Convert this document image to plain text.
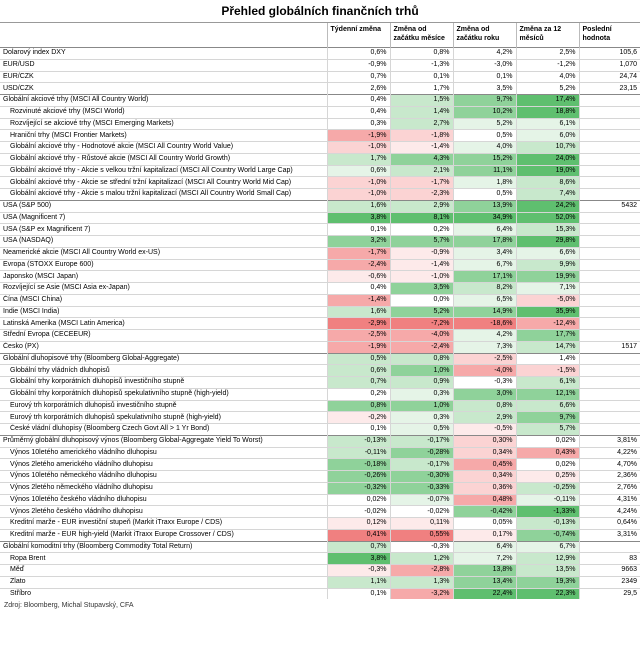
Přehled globálních finančních trhů
	Týdenní změna	Změna od začátku měsíce	Změna od začátku roku	Změna za 12 měsíců	Poslední hodnota
Dolarový index DXY	0,6%	0,8%	4,2%	2,5%	105,6
EUR/USD	-0,9%	-1,3%	-3,0%	-1,2%	1,070
EUR/CZK	0,7%	0,1%	0,1%	4,0%	24,74
USD/CZK	2,6%	1,7%	3,5%	5,2%	23,15
Globální akciové trhy (MSCI All Country World)	0,4%	1,5%	9,7%	17,4%	
Rozvinuté akciové trhy (MSCI World)	0,4%	1,4%	10,2%	18,8%	
Rozvíjející se akciové trhy (MSCI Emerging Markets)	0,3%	2,7%	5,2%	6,1%	
Hraniční trhy (MSCI Frontier Markets)	-1,9%	-1,8%	0,5%	6,0%	
Globální akciové trhy - Hodnotové akcie (MSCI All Country World Value)	-1,0%	-1,4%	4,0%	10,7%	
Globální akciové trhy - Růstové akcie (MSCI All Country World Growth)	1,7%	4,3%	15,2%	24,0%	
Globální akciové trhy - Akcie s velkou tržní kapitalizací (MSCI All Country World Large Cap)	0,6%	2,1%	11,1%	19,0%	
Globální akciové trhy - Akcie se střední tržní kapitalizací (MSCI All Country World Mid Cap)	-1,0%	-1,7%	1,8%	8,6%	
Globální akciové trhy - Akcie s malou tržní kapitalizací (MSCI All Country World Small Cap)	-1,0%	-2,3%	0,5%	7,4%	
USA (S&P 500)	1,6%	2,9%	13,9%	24,2%	5432
USA (Magnificent 7)	3,8%	8,1%	34,9%	52,0%	
USA (S&P ex Magnificent 7)	0,1%	0,2%	6,4%	15,3%	
USA (NASDAQ)	3,2%	5,7%	17,8%	29,8%	
Neamerické akcie (MSCI All Country World ex-US)	-1,7%	-0,9%	3,4%	6,6%	
Evropa (STOXX Europe 600)	-2,4%	-1,4%	6,7%	9,9%	
Japonsko (MSCI Japan)	-0,6%	-1,0%	17,1%	19,9%	
Rozvíjející se Asie (MSCI Asia ex-Japan)	0,4%	3,5%	8,2%	7,1%	
Čína (MSCI China)	-1,4%	0,0%	6,5%	-5,0%	
Indie (MSCI India)	1,6%	5,2%	14,9%	35,9%	
Latinská Amerika (MSCI Latin America)	-2,9%	-7,2%	-18,6%	-12,4%	
Střední Evropa (CECEEUR)	-2,5%	-4,0%	4,2%	17,7%	
Česko (PX)	-1,9%	-2,4%	7,3%	14,7%	1517
Globální dluhopisové trhy (Bloomberg Global-Aggregate)	0,5%	0,8%	-2,5%	1,4%	
Globální trhy vládních dluhopisů	0,6%	1,0%	-4,0%	-1,5%	
Globální trhy korporátních dluhopisů investičního stupně	0,7%	0,9%	-0,3%	6,1%	
Globální trhy korporátních dluhopisů spekulativního stupně (high-yield)	0,2%	0,3%	3,0%	12,1%	
Eurový trh korporátních dluhopisů investičního stupně	0,8%	1,0%	0,8%	6,6%	
Eurový trh korporátních dluhopisů spekulativního stupně (high-yield)	-0,2%	0,3%	2,9%	9,7%	
České vládní dluhopisy (Bloomberg Czech Govt All > 1 Yr Bond)	0,1%	0,5%	-0,5%	5,7%	
Průměrný globální dluhopisový výnos (Bloomberg Global-Aggregate Yield To Worst)	-0,13%	-0,17%	0,30%	0,02%	3,81%
Výnos 10letého amerického vládního dluhopisu	-0,11%	-0,28%	0,34%	0,43%	4,22%
Výnos 2letého amerického vládního dluhopisu	-0,18%	-0,17%	0,45%	0,02%	4,70%
Výnos 10letého německého vládního dluhopisu	-0,26%	-0,30%	0,34%	0,25%	2,36%
Výnos 2letého německého vládního dluhopisu	-0,32%	-0,33%	0,36%	-0,25%	2,76%
Výnos 10letého českého vládního dluhopisu	0,02%	-0,07%	0,48%	-0,11%	4,31%
Výnos 2letého českého vládního dluhopisu	-0,02%	-0,02%	-0,42%	-1,33%	4,24%
Kreditní marže - EUR investiční stupeň (Markit iTraxx Europe / CDS)	0,12%	0,11%	0,05%	-0,13%	0,64%
Kreditní marže - EUR high-yield (Markit iTraxx Europe Crossover / CDS)	0,41%	0,55%	0,17%	-0,74%	3,31%
Globální komoditní trhy (Bloomberg Commodity Total Return)	0,7%	-0,3%	6,4%	6,7%	
Ropa Brent	3,8%	1,2%	7,2%	12,9%	83
Měď	-0,3%	-2,8%	13,8%	13,5%	9663
Zlato	1,1%	1,3%	13,4%	19,3%	2349
Stříbro	0,1%	-3,2%	22,4%	22,3%	29,5
Zdroj: Bloomberg, Michal Stupavský, CFA
